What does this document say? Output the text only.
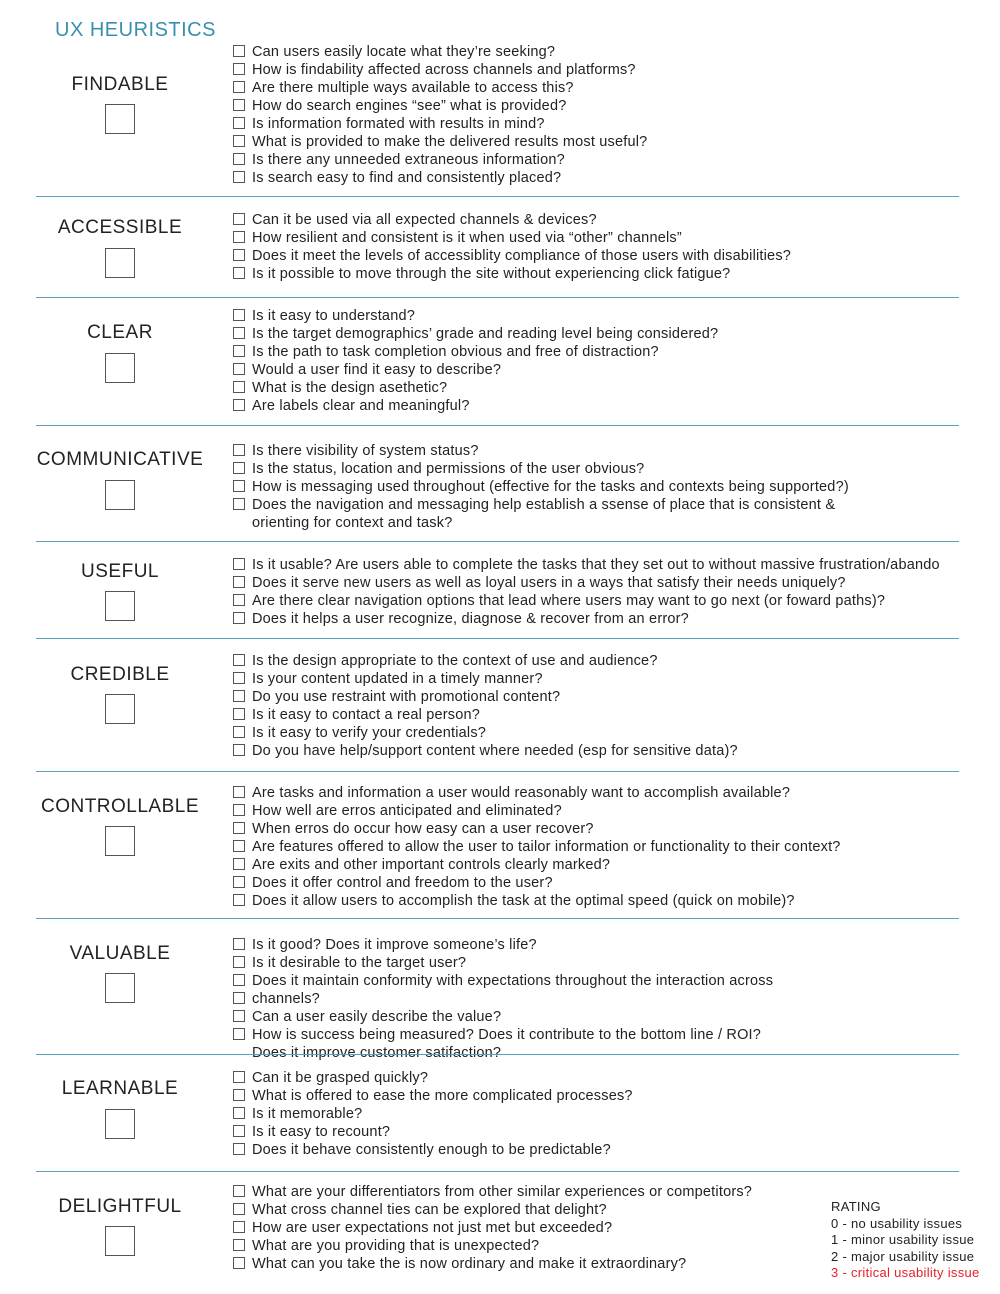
UX HEURISTICS
FINDABLE
Can users easily locate what they’re seeking?
How is findability affected across channels and platforms?
Are there multiple ways available to access this?
How do search engines “see” what is provided?
Is information formated with results in mind?
What is provided to make the delivered results most useful?
Is there any unneeded extraneous information?
Is search easy to find and consistently placed?
ACCESSIBLE	Can it be used via all expected channels & devices?
How resilient and consistent is it when used via “other” channels”
Does it meet the levels of accessiblity compliance of those users with disabilities?
Is it possible to move through the site without experiencing click fatigue?
CLEAR
Is it easy to understand?
Is the target demographics’ grade and reading level being considered?
Is the path to task completion obvious and free of distraction?
Would a user find it easy to describe?
What is the design asethetic?
Are labels clear and meaningful?
COMMUNICATIVE	Is there visibility of system status?
Is the status, location and permissions of the user obvious?
How is messaging used throughout (effective for the tasks and contexts being supported?)
Does the navigation and messaging help establish a ssense of place that is consistent &
orienting for context and task?
USEFUL	Is it usable? Are users able to complete the tasks that they set out to without massive frustration/abando
Does it serve new users as well as loyal users in a ways that satisfy their needs uniquely?
Are there clear navigation options that lead where users may want to go next (or foward paths)?
Does it helps a user recognize, diagnose & recover from an error?
CREDIBLE
Is the design appropriate to the context of use and audience?
Is your content updated in a timely manner?
Do you use restraint with promotional content?
Is it easy to contact a real person?
Is it easy to verify your credentials?
Do you have help/support content where needed (esp for sensitive data)?
CONTROLLABLE
Are tasks and information a user would reasonably want to accomplish available?
How well are erros anticipated and eliminated?
When erros do occur how easy can a user recover?
Are features offered to allow the user to tailor information or functionality to their context?
Are exits and other important controls clearly marked?
Does it offer control and freedom to the user?
Does it allow users to accomplish the task at the optimal speed (quick on mobile)?
VALUABLE	Is it good? Does it improve someone’s life?
Is it desirable to the target user?
Does it maintain conformity with expectations throughout the interaction across
channels?
Can a user easily describe the value?
How is success being measured? Does it contribute to the bottom line / ROI?
Does it improve customer satifaction?
LEARNABLE	Can it be grasped quickly?
What is offered to ease the more complicated processes?
Is it memorable?
Is it easy to recount?
Does it behave consistently enough to be predictable?
DELIGHTFUL
What are your differentiators from other similar experiences or competitors?
What cross channel ties can be explored that delight?
How are user expectations not just met but exceeded?
What are you providing that is unexpected?
What can you take the is now ordinary and make it extraordinary?
RATING
0 - no usability issues
1 - minor usability issue
2 - major usability issue
3 - critical usability issue
